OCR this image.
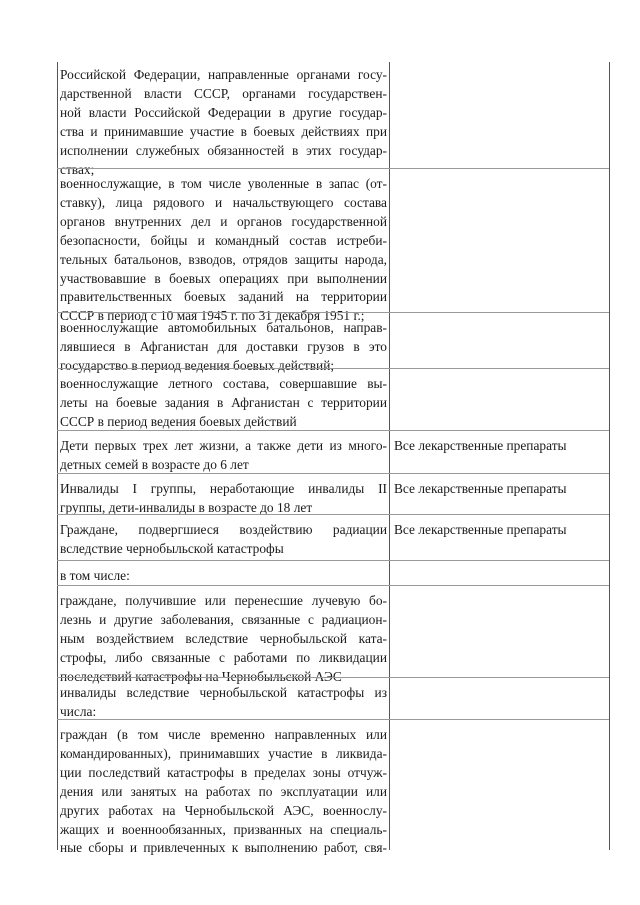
Российской Федерации, направленные органами госу-
дарственной власти СССР, органами государствен-
ной власти Российской Федерации в другие государ-
ства и принимавшие участие в боевых действиях при
исполнении служебных обязанностей в этих государ-
ствах;
военнослужащие, в том числе уволенные в запас (от-
ставку), лица рядового и начальствующего состава
органов внутренних дел и органов государственной
безопасности, бойцы и командный состав истреби-
тельных батальонов, взводов, отрядов защиты народа,
участвовавшие в боевых операциях при выполнении
правительственных боевых заданий на территории
СССР в период с 10 мая 1945 г. по 31 декабря 1951 г.;
военнослужащие автомобильных батальонов, направ-
лявшиеся в Афганистан для доставки грузов в это
государство в период ведения боевых действий;
военнослужащие летного состава, совершавшие вы-
леты на боевые задания в Афганистан с территории
СССР в период ведения боевых действий
Дети первых трех лет жизни, а также дети из много-
детных семей в возрасте до 6 лет
Все лекарственные препараты
Инвалиды I группы, неработающие инвалиды II
группы, дети-инвалиды в возрасте до 18 лет
Все лекарственные препараты
Граждане, подвергшиеся воздействию радиации
вследствие чернобыльской катастрофы
Все лекарственные препараты
в том числе:
граждане, получившие или перенесшие лучевую бо-
лезнь и другие заболевания, связанные с радиацион-
ным воздействием вследствие чернобыльской ката-
строфы, либо связанные с работами по ликвидации
последствий катастрофы на Чернобыльской АЭС
инвалиды вследствие чернобыльской катастрофы из
числа:
граждан (в том числе временно направленных или
командированных), принимавших участие в ликвида-
ции последствий катастрофы в пределах зоны отчуж-
дения или занятых на работах по эксплуатации или
других работах на Чернобыльской АЭС, военнослу-
жащих и военнообязанных, призванных на специаль-
ные сборы и привлеченных к выполнению работ, свя-
